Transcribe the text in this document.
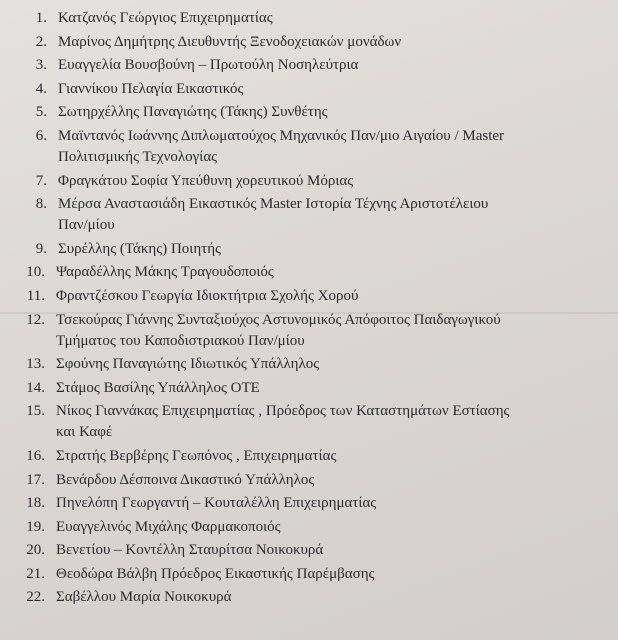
1. Κατζανός Γεώργιος Επιχειρηματίας
2. Μαρίνος Δημήτρης Διευθυντής Ξενοδοχειακών μονάδων
3. Ευαγγελία Βουσβούνη – Πρωτούλη Νοσηλεύτρια
4. Γιαννίκου Πελαγία Εικαστικός
5. Σωτηρχέλλης Παναγιώτης (Τάκης) Συνθέτης
6. Μαϊντανός Ιωάννης Διπλωματούχος Μηχανικός Παν/μιο Αιγαίου / Master
Πολιτισμικής Τεχνολογίας
7. Φραγκάτου Σοφία Υπεύθυνη χορευτικού Μόριας
8. Μέρσα Αναστασιάδη Εικαστικός Master Ιστορία Τέχνης Αριστοτέλειου
Παν/μίου
9. Συρέλλης (Τάκης) Ποιητής
10. Ψαραδέλλης Μάκης Τραγουδοποιός
11. Φραντζέσκου Γεωργία Ιδιοκτήτρια Σχολής Χορού
12. Τσεκούρας Γιάννης Συνταξιούχος Αστυνομικός Απόφοιτος Παιδαγωγικού
Τμήματος του Καποδιστριακού Παν/μίου
13. Σφούνης Παναγιώτης Ιδιωτικός Υπάλληλος
14. Στάμος Βασίλης Υπάλληλος ΟΤΕ
15. Νίκος Γιαννάκας Επιχειρηματίας , Πρόεδρος των Καταστημάτων Εστίασης
και Καφέ
16. Στρατής Βερβέρης Γεωπόνος , Επιχειρηματίας
17. Βενάρδου Δέσποινα Δικαστικό Υπάλληλος
18. Πηνελόπη Γεωργαντή – Κουταλέλλη Επιχειρηματίας
19. Ευαγγελινός Μιχάλης Φαρμακοποιός
20. Βενετίου – Κοντέλλη Σταυρίτσα Νοικοκυρά
21. Θεοδώρα Βάλβη Πρόεδρος Εικαστικής Παρέμβασης
22. Σαβέλλου Μαρία Νοικοκυρά
